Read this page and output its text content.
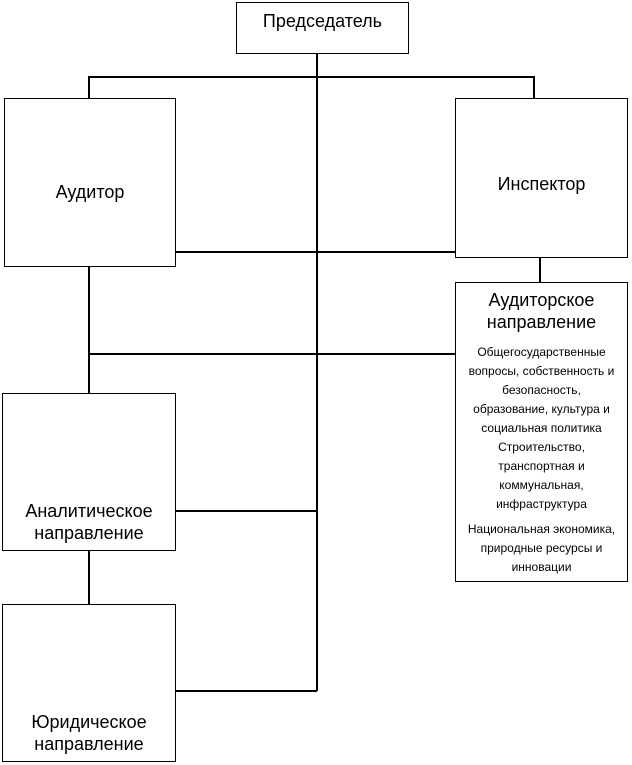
Председатель
Аудитор	Инспектор
Аудиторское
направление
Общегосударственные вопросы, собственность и безопасность,
образование, культура и социальная политика
Строительство, транспортная и коммунальная, инфраструктура
Национальная экономика, природные ресурсы и инновации
Аналитическое
направление
Юридическое
направление
